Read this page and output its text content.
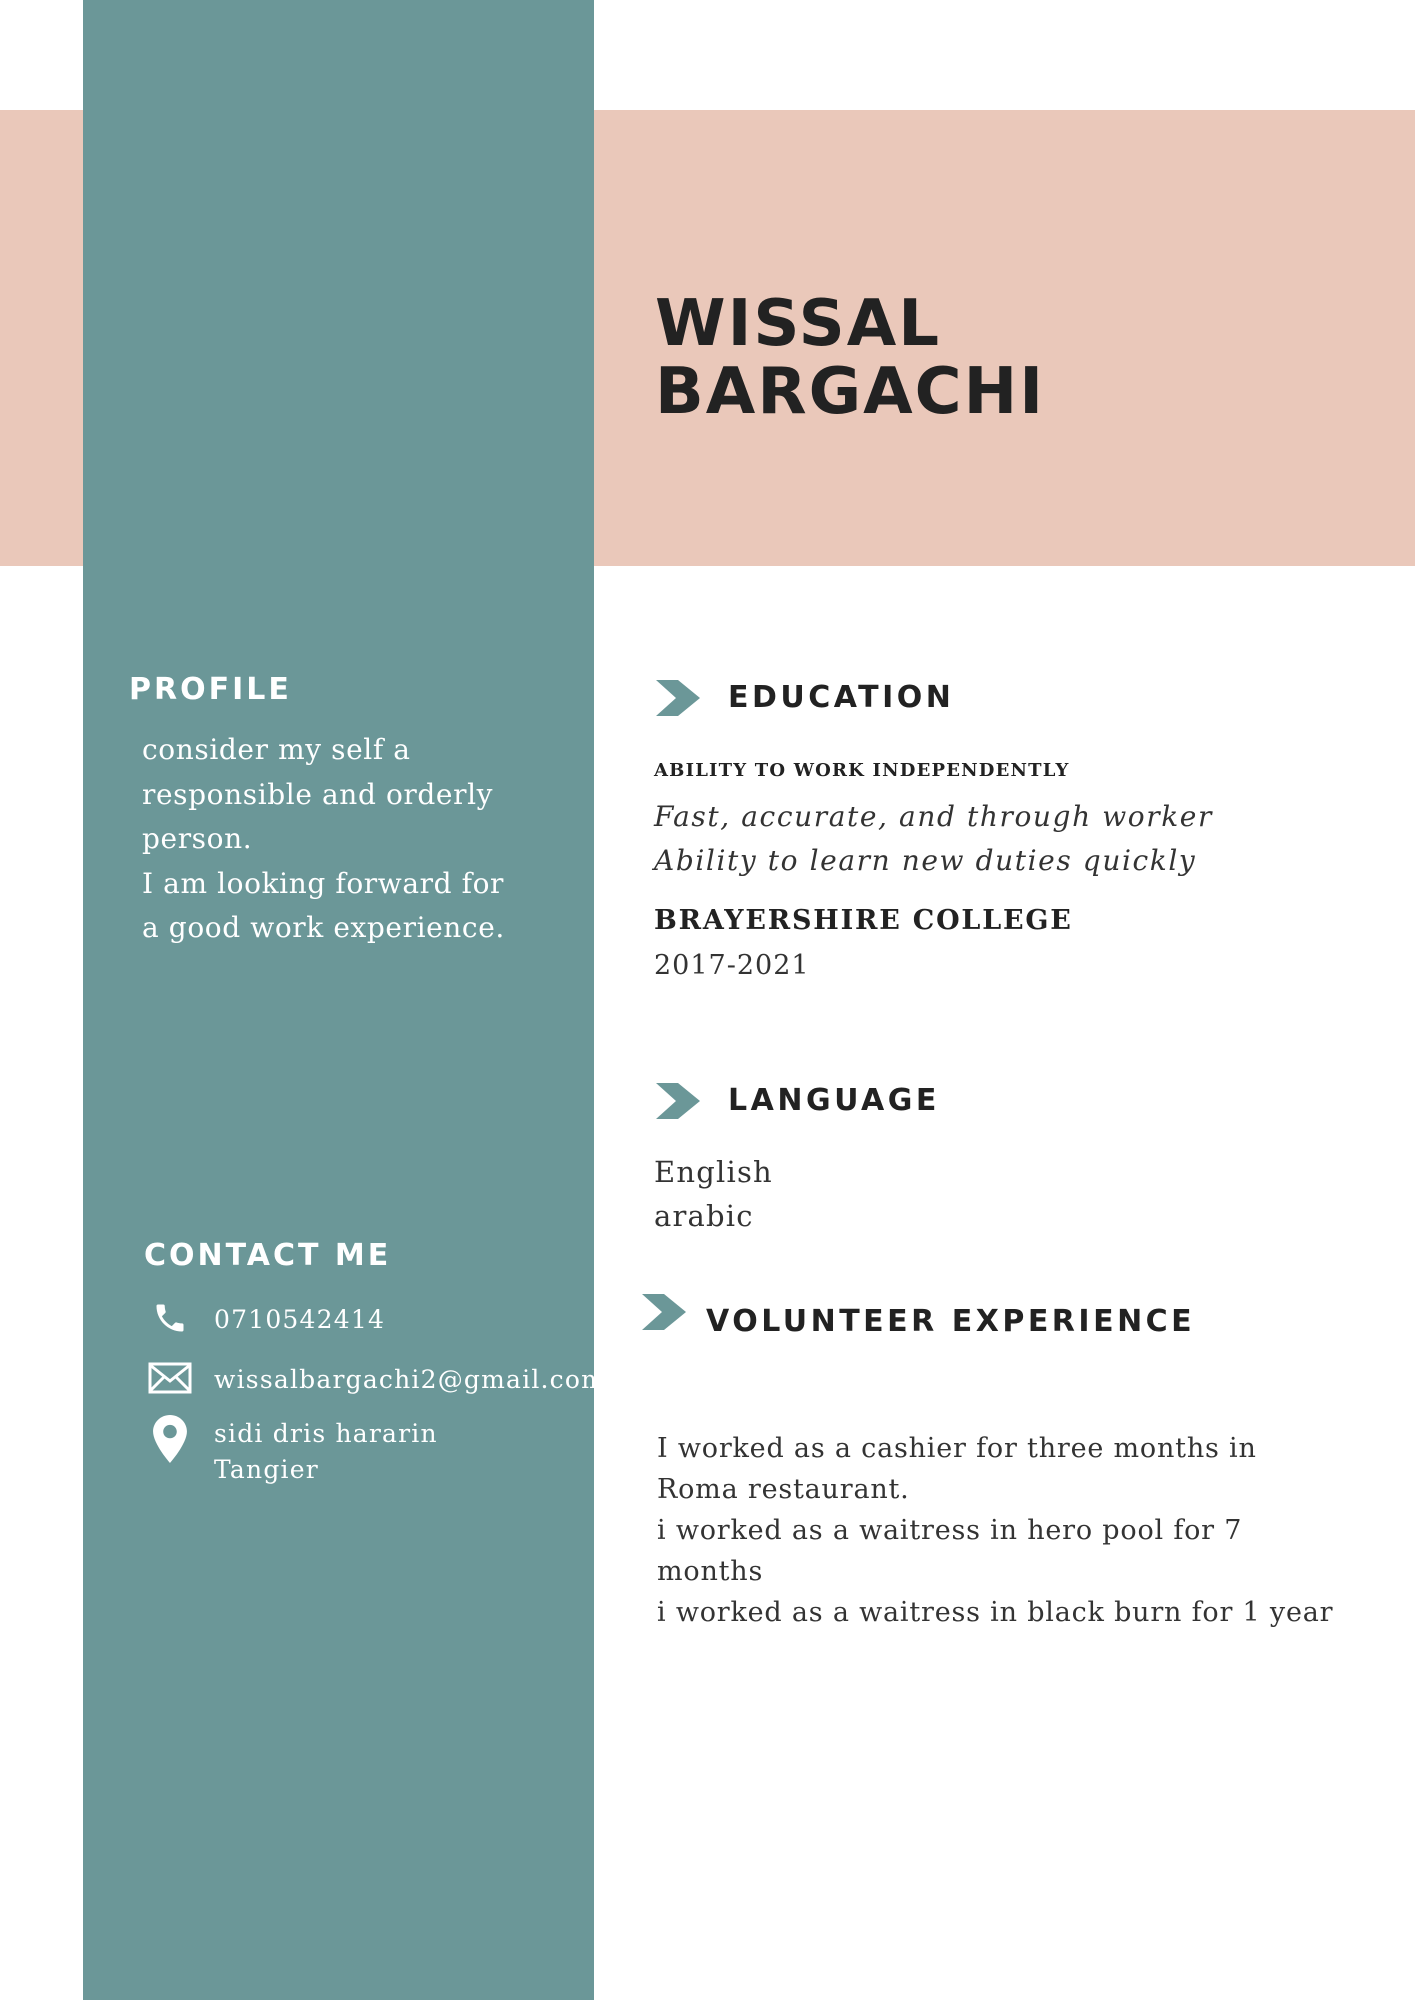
WISSAL
BARGACHI
PROFILE
consider my self a
responsible and orderly
person.
I am looking forward for
a good work experience.
CONTACT ME
0710542414
wissalbargachi2@gmail.com
sidi dris hararin
Tangier
EDUCATION
ABILITY TO WORK INDEPENDENTLY
Fast, accurate, and through worker
Ability to learn new duties quickly
BRAYERSHIRE COLLEGE
2017-2021
LANGUAGE
English
arabic
VOLUNTEER EXPERIENCE
I worked as a cashier for three months in
Roma restaurant.
i worked as a waitress in hero pool for 7
months
i worked as a waitress in black burn for 1 year
